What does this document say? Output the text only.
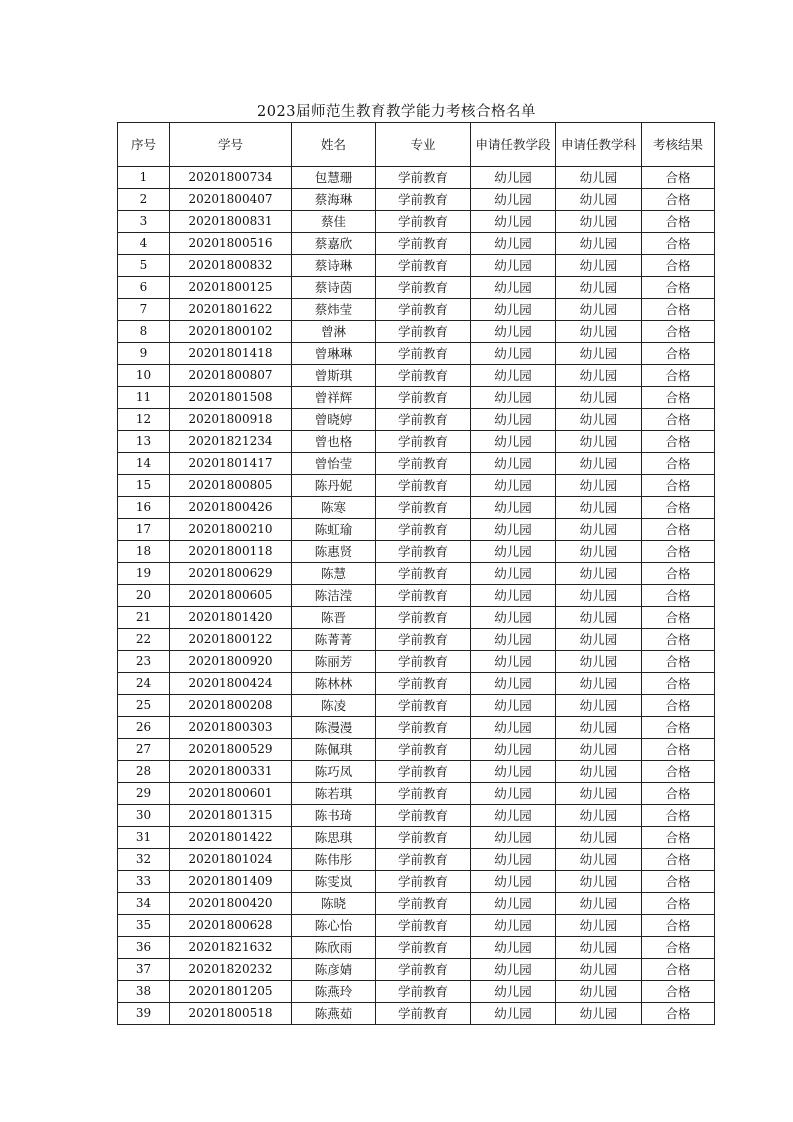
2023届师范生教育教学能力考核合格名单
序号	学号	姓名	专业	申请任教学段	申请任教学科	考核结果
1	20201800734	包慧珊	学前教育	幼儿园	幼儿园	合格
2	20201800407	蔡海琳	学前教育	幼儿园	幼儿园	合格
3	20201800831	蔡佳	学前教育	幼儿园	幼儿园	合格
4	20201800516	蔡嘉欣	学前教育	幼儿园	幼儿园	合格
5	20201800832	蔡诗琳	学前教育	幼儿园	幼儿园	合格
6	20201800125	蔡诗茵	学前教育	幼儿园	幼儿园	合格
7	20201801622	蔡炜莹	学前教育	幼儿园	幼儿园	合格
8	20201800102	曾淋	学前教育	幼儿园	幼儿园	合格
9	20201801418	曾琳琳	学前教育	幼儿园	幼儿园	合格
10	20201800807	曾斯琪	学前教育	幼儿园	幼儿园	合格
11	20201801508	曾祥辉	学前教育	幼儿园	幼儿园	合格
12	20201800918	曾晓婷	学前教育	幼儿园	幼儿园	合格
13	20201821234	曾也格	学前教育	幼儿园	幼儿园	合格
14	20201801417	曾怡莹	学前教育	幼儿园	幼儿园	合格
15	20201800805	陈丹妮	学前教育	幼儿园	幼儿园	合格
16	20201800426	陈寒	学前教育	幼儿园	幼儿园	合格
17	20201800210	陈虹瑜	学前教育	幼儿园	幼儿园	合格
18	20201800118	陈惠贤	学前教育	幼儿园	幼儿园	合格
19	20201800629	陈慧	学前教育	幼儿园	幼儿园	合格
20	20201800605	陈洁滢	学前教育	幼儿园	幼儿园	合格
21	20201801420	陈晋	学前教育	幼儿园	幼儿园	合格
22	20201800122	陈菁菁	学前教育	幼儿园	幼儿园	合格
23	20201800920	陈丽芳	学前教育	幼儿园	幼儿园	合格
24	20201800424	陈林林	学前教育	幼儿园	幼儿园	合格
25	20201800208	陈凌	学前教育	幼儿园	幼儿园	合格
26	20201800303	陈漫漫	学前教育	幼儿园	幼儿园	合格
27	20201800529	陈佩琪	学前教育	幼儿园	幼儿园	合格
28	20201800331	陈巧凤	学前教育	幼儿园	幼儿园	合格
29	20201800601	陈若琪	学前教育	幼儿园	幼儿园	合格
30	20201801315	陈书琦	学前教育	幼儿园	幼儿园	合格
31	20201801422	陈思琪	学前教育	幼儿园	幼儿园	合格
32	20201801024	陈伟彤	学前教育	幼儿园	幼儿园	合格
33	20201801409	陈雯岚	学前教育	幼儿园	幼儿园	合格
34	20201800420	陈晓	学前教育	幼儿园	幼儿园	合格
35	20201800628	陈心怡	学前教育	幼儿园	幼儿园	合格
36	20201821632	陈欣雨	学前教育	幼儿园	幼儿园	合格
37	20201820232	陈彦婧	学前教育	幼儿园	幼儿园	合格
38	20201801205	陈燕玲	学前教育	幼儿园	幼儿园	合格
39	20201800518	陈燕茹	学前教育	幼儿园	幼儿园	合格
